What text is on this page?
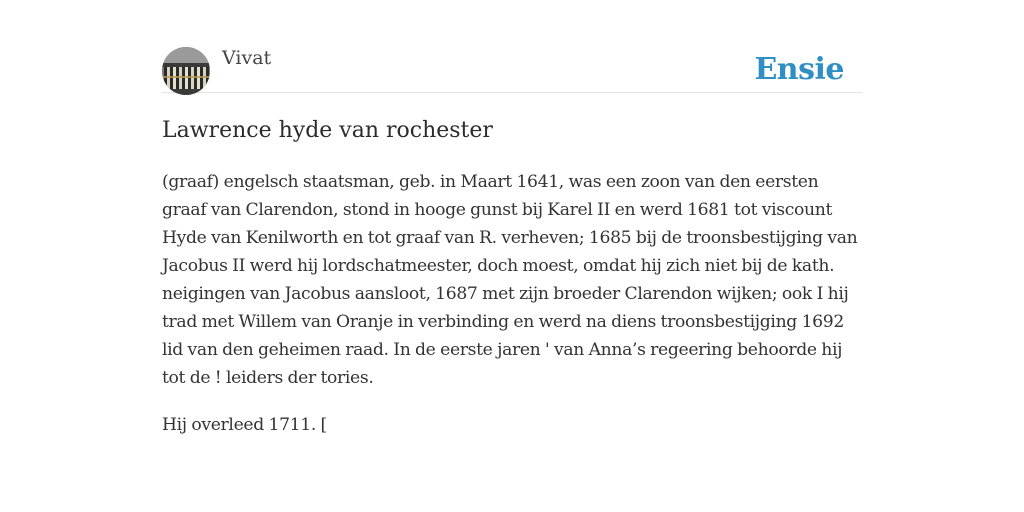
Vivat	Ensie
Lawrence hyde van rochester

(graaf) engelsch staatsman, geb. in Maart 1641, was een zoon van den eersten graaf van Clarendon, stond in hooge gunst bij Karel II en werd 1681 tot viscount Hyde van Kenilworth en tot graaf van R. verheven; 1685 bij de troonsbestijging van Jacobus II werd hij lordschatmeester, doch moest, omdat hij zich niet bij de kath. neigingen van Jacobus aansloot, 1687 met zijn broeder Clarendon wijken; ook I hij trad met Willem van Oranje in verbinding en werd na diens troonsbestijging 1692 lid van den geheimen raad. In de eerste jaren ' van Anna’s regeering behoorde hij tot de ! leiders der tories.

Hij overleed 1711. [
